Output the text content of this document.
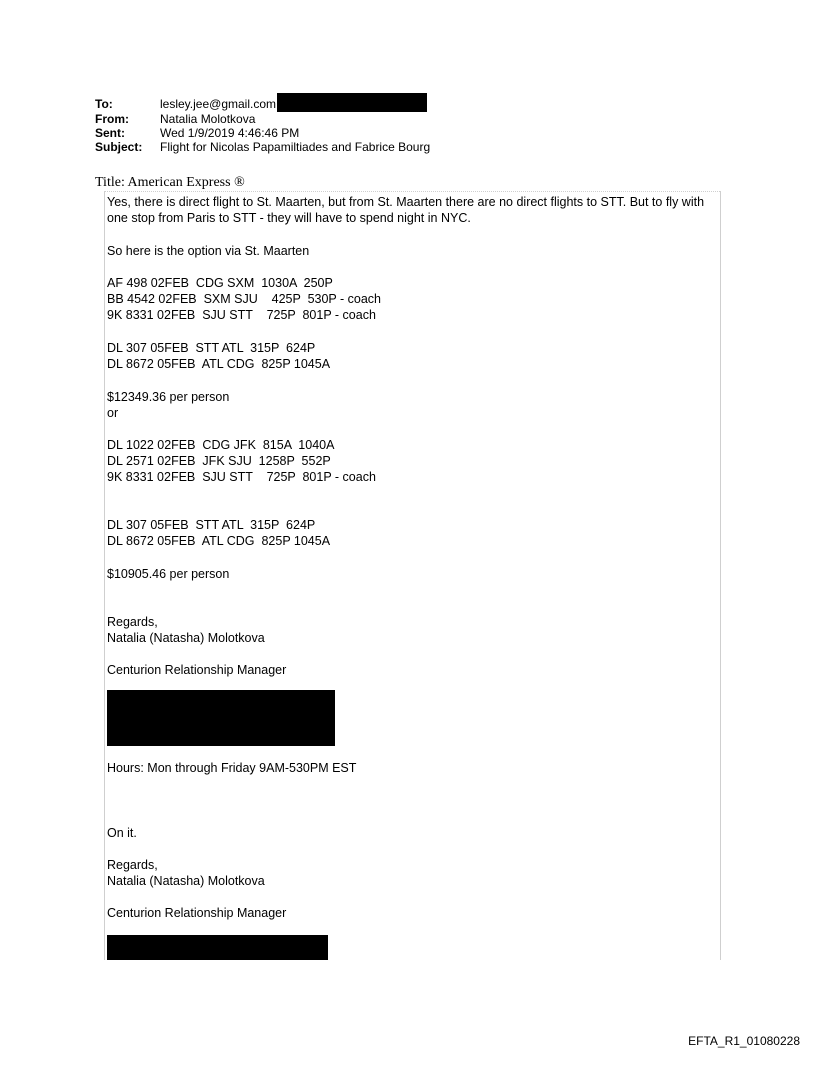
To:	lesley.jee@gmail.com
From:	Natalia Molotkova
Sent:	Wed 1/9/2019 4:46:46 PM
Subject:	Flight for Nicolas Papamiltiades and Fabrice Bourg
Title: American Express ®
Yes, there is direct flight to St. Maarten, but from St. Maarten there are no direct flights to STT. But to fly with one stop from Paris to STT - they will have to spend night in NYC.
So here is the option via St. Maarten
AF 498 02FEB  CDG SXM  1030A  250P
BB 4542 02FEB  SXM SJU    425P  530P - coach
9K 8331 02FEB  SJU STT    725P  801P - coach
DL 307 05FEB  STT ATL  315P  624P
DL 8672 05FEB  ATL CDG  825P 1045A
$12349.36 per person
or
DL 1022 02FEB  CDG JFK  815A  1040A
DL 2571 02FEB  JFK SJU  1258P  552P
9K 8331 02FEB  SJU STT    725P  801P - coach
DL 307 05FEB  STT ATL  315P  624P
DL 8672 05FEB  ATL CDG  825P 1045A
$10905.46 per person
Regards,
Natalia (Natasha) Molotkova
Centurion Relationship Manager
Hours: Mon through Friday 9AM-530PM EST
On it.
Regards,
Natalia (Natasha) Molotkova
Centurion Relationship Manager
EFTA_R1_01080228
